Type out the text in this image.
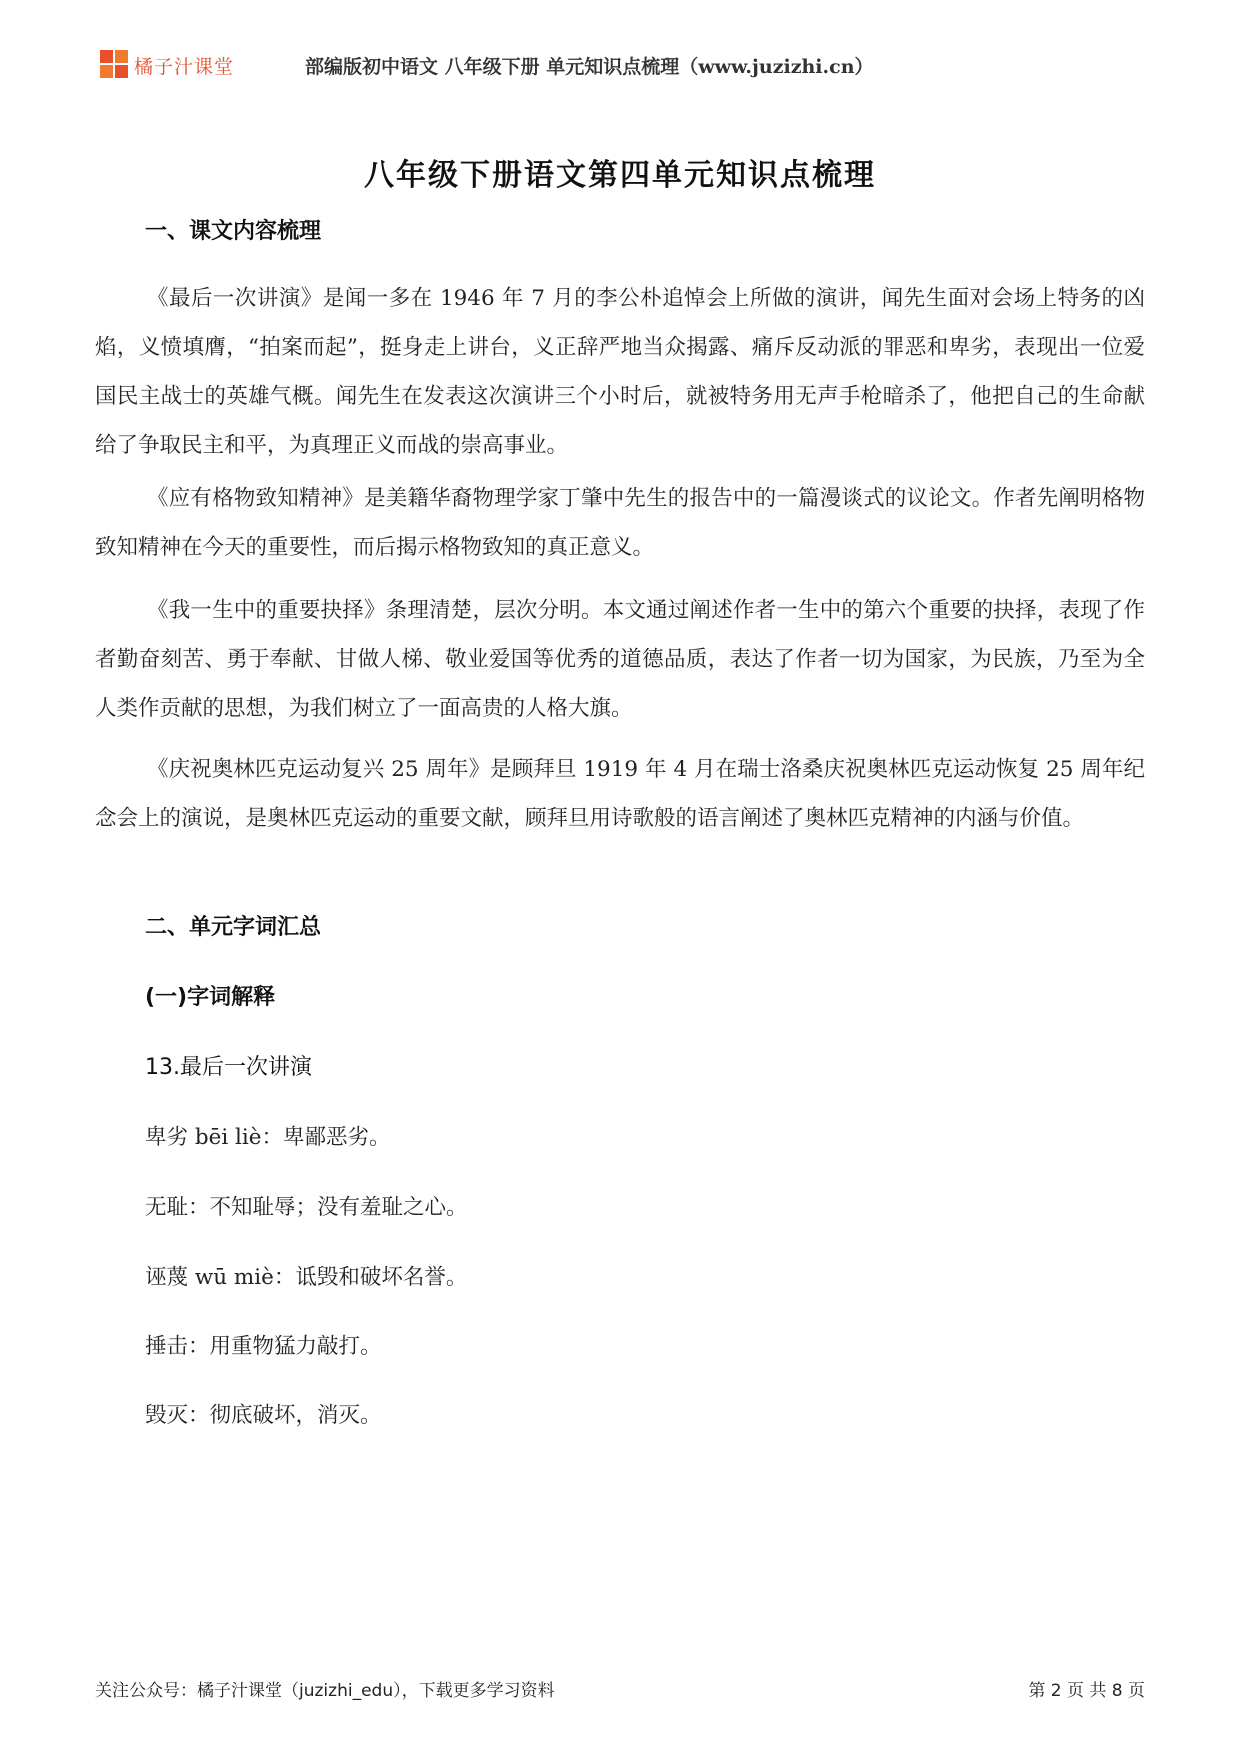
橘子汁课堂	部编版初中语文 八年级下册 单元知识点梳理（www.juzizhi.cn）
八年级下册语文第四单元知识点梳理
一、课文内容梳理

《最后一次讲演》是闻一多在 1946 年 7 月的李公朴追悼会上所做的演讲，闻先生面对会场上特务的凶焰，义愤填膺，“拍案而起”，挺身走上讲台，义正辞严地当众揭露、痛斥反动派的罪恶和卑劣，表现出一位爱国民主战士的英雄气概。闻先生在发表这次演讲三个小时后，就被特务用无声手枪暗杀了，他把自己的生命献给了争取民主和平，为真理正义而战的崇高事业。

《应有格物致知精神》是美籍华裔物理学家丁肇中先生的报告中的一篇漫谈式的议论文。作者先阐明格物致知精神在今天的重要性，而后揭示格物致知的真正意义。

《我一生中的重要抉择》条理清楚，层次分明。本文通过阐述作者一生中的第六个重要的抉择，表现了作者勤奋刻苦、勇于奉献、甘做人梯、敬业爱国等优秀的道德品质，表达了作者一切为国家，为民族，乃至为全人类作贡献的思想，为我们树立了一面高贵的人格大旗。

《庆祝奥林匹克运动复兴 25 周年》是顾拜旦 1919 年 4 月在瑞士洛桑庆祝奥林匹克运动恢复 25 周年纪念会上的演说，是奥林匹克运动的重要文献，顾拜旦用诗歌般的语言阐述了奥林匹克精神的内涵与价值。

二、单元字词汇总
(一)字词解释
13.最后一次讲演
卑劣 bēi liè：卑鄙恶劣。
无耻：不知耻辱；没有羞耻之心。
诬蔑 wū miè：诋毁和破坏名誉。
捶击：用重物猛力敲打。
毁灭：彻底破坏，消灭。
关注公众号：橘子汁课堂（juzizhi_edu），下载更多学习资料	第 2 页 共 8 页
